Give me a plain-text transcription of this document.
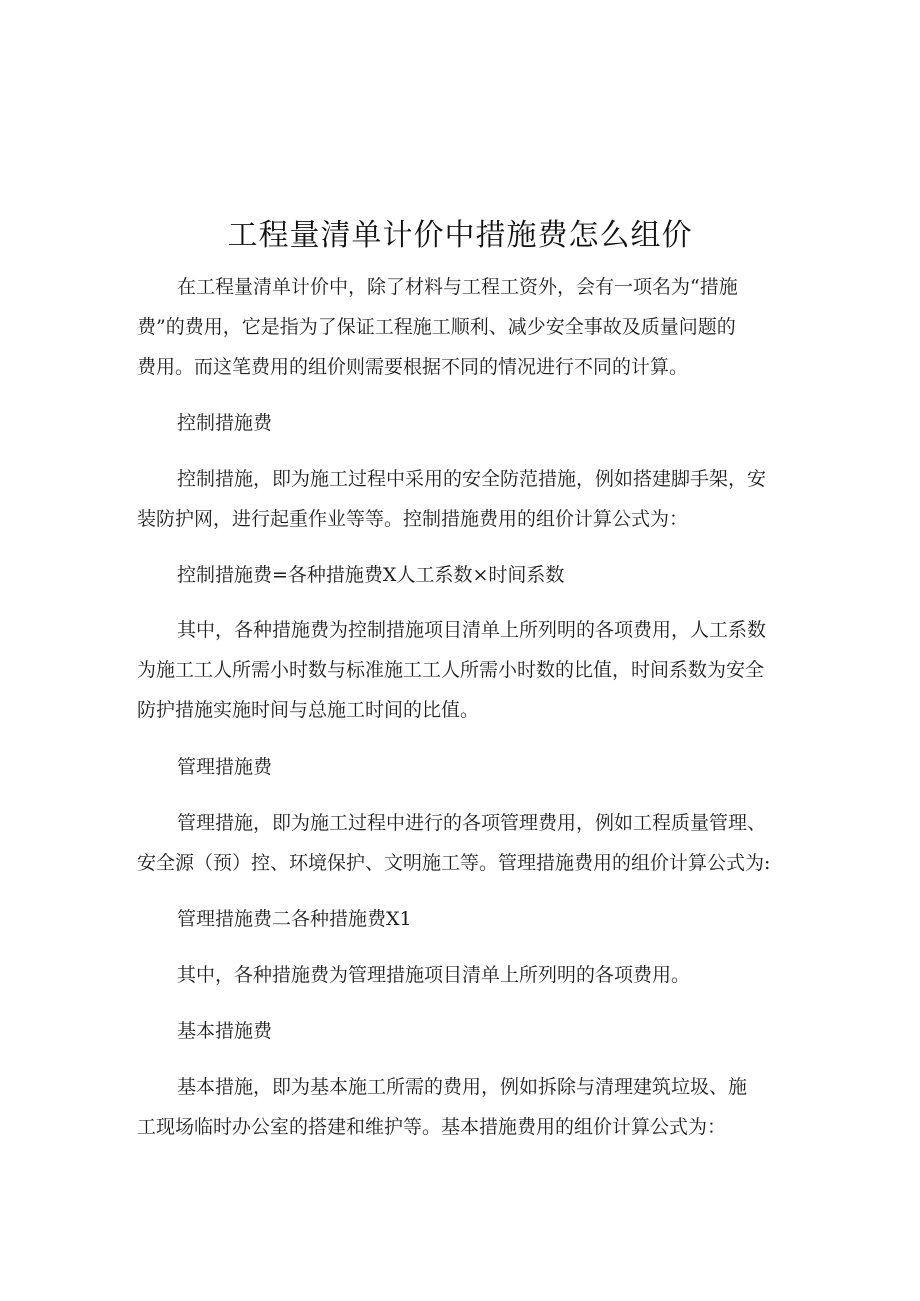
工程量清单计价中措施费怎么组价
在工程量清单计价中，除了材料与工程工资外，会有一项名为“措施
费”的费用，它是指为了保证工程施工顺利、减少安全事故及质量问题的
费用。而这笔费用的组价则需要根据不同的情况进行不同的计算。
控制措施费
控制措施，即为施工过程中采用的安全防范措施，例如搭建脚手架，安
装防护网，进行起重作业等等。控制措施费用的组价计算公式为：
控制措施费=各种措施费X人工系数×时间系数
其中，各种措施费为控制措施项目清单上所列明的各项费用，人工系数
为施工工人所需小时数与标准施工工人所需小时数的比值，时间系数为安全
防护措施实施时间与总施工时间的比值。
管理措施费
管理措施，即为施工过程中进行的各项管理费用，例如工程质量管理、
安全源（预）控、环境保护、文明施工等。管理措施费用的组价计算公式为:
管理措施费二各种措施费X1
其中，各种措施费为管理措施项目清单上所列明的各项费用。
基本措施费
基本措施，即为基本施工所需的费用，例如拆除与清理建筑垃圾、施
工现场临时办公室的搭建和维护等。基本措施费用的组价计算公式为：
